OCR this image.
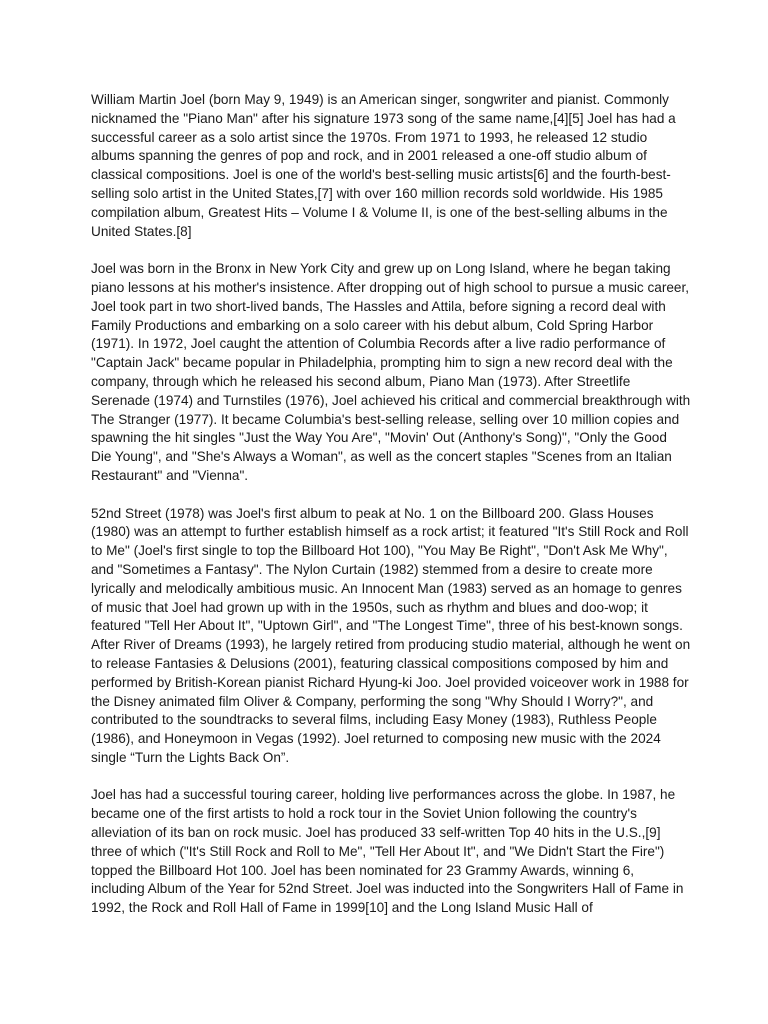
William Martin Joel (born May 9, 1949) is an American singer, songwriter and pianist. Commonly nicknamed the "Piano Man" after his signature 1973 song of the same name,[4][5] Joel has had a successful career as a solo artist since the 1970s. From 1971 to 1993, he released 12 studio albums spanning the genres of pop and rock, and in 2001 released a one-off studio album of classical compositions. Joel is one of the world's best-selling music artists[6] and the fourth-best-selling solo artist in the United States,[7] with over 160 million records sold worldwide. His 1985 compilation album, Greatest Hits – Volume I & Volume II, is one of the best-selling albums in the United States.[8]

Joel was born in the Bronx in New York City and grew up on Long Island, where he began taking piano lessons at his mother's insistence. After dropping out of high school to pursue a music career, Joel took part in two short-lived bands, The Hassles and Attila, before signing a record deal with Family Productions and embarking on a solo career with his debut album, Cold Spring Harbor (1971). In 1972, Joel caught the attention of Columbia Records after a live radio performance of "Captain Jack" became popular in Philadelphia, prompting him to sign a new record deal with the company, through which he released his second album, Piano Man (1973). After Streetlife Serenade (1974) and Turnstiles (1976), Joel achieved his critical and commercial breakthrough with The Stranger (1977). It became Columbia's best-selling release, selling over 10 million copies and spawning the hit singles "Just the Way You Are", "Movin' Out (Anthony's Song)", "Only the Good Die Young", and "She's Always a Woman", as well as the concert staples "Scenes from an Italian Restaurant" and "Vienna".

52nd Street (1978) was Joel's first album to peak at No. 1 on the Billboard 200. Glass Houses (1980) was an attempt to further establish himself as a rock artist; it featured "It's Still Rock and Roll to Me" (Joel's first single to top the Billboard Hot 100), "You May Be Right", "Don't Ask Me Why", and "Sometimes a Fantasy". The Nylon Curtain (1982) stemmed from a desire to create more lyrically and melodically ambitious music. An Innocent Man (1983) served as an homage to genres of music that Joel had grown up with in the 1950s, such as rhythm and blues and doo-wop; it featured "Tell Her About It", "Uptown Girl", and "The Longest Time", three of his best-known songs. After River of Dreams (1993), he largely retired from producing studio material, although he went on to release Fantasies & Delusions (2001), featuring classical compositions composed by him and performed by British-Korean pianist Richard Hyung-ki Joo. Joel provided voiceover work in 1988 for the Disney animated film Oliver & Company, performing the song "Why Should I Worry?", and contributed to the soundtracks to several films, including Easy Money (1983), Ruthless People (1986), and Honeymoon in Vegas (1992). Joel returned to composing new music with the 2024 single “Turn the Lights Back On”.

Joel has had a successful touring career, holding live performances across the globe. In 1987, he became one of the first artists to hold a rock tour in the Soviet Union following the country's alleviation of its ban on rock music. Joel has produced 33 self-written Top 40 hits in the U.S.,[9] three of which ("It's Still Rock and Roll to Me", "Tell Her About It", and "We Didn't Start the Fire") topped the Billboard Hot 100. Joel has been nominated for 23 Grammy Awards, winning 6, including Album of the Year for 52nd Street. Joel was inducted into the Songwriters Hall of Fame in 1992, the Rock and Roll Hall of Fame in 1999[10] and the Long Island Music Hall of
